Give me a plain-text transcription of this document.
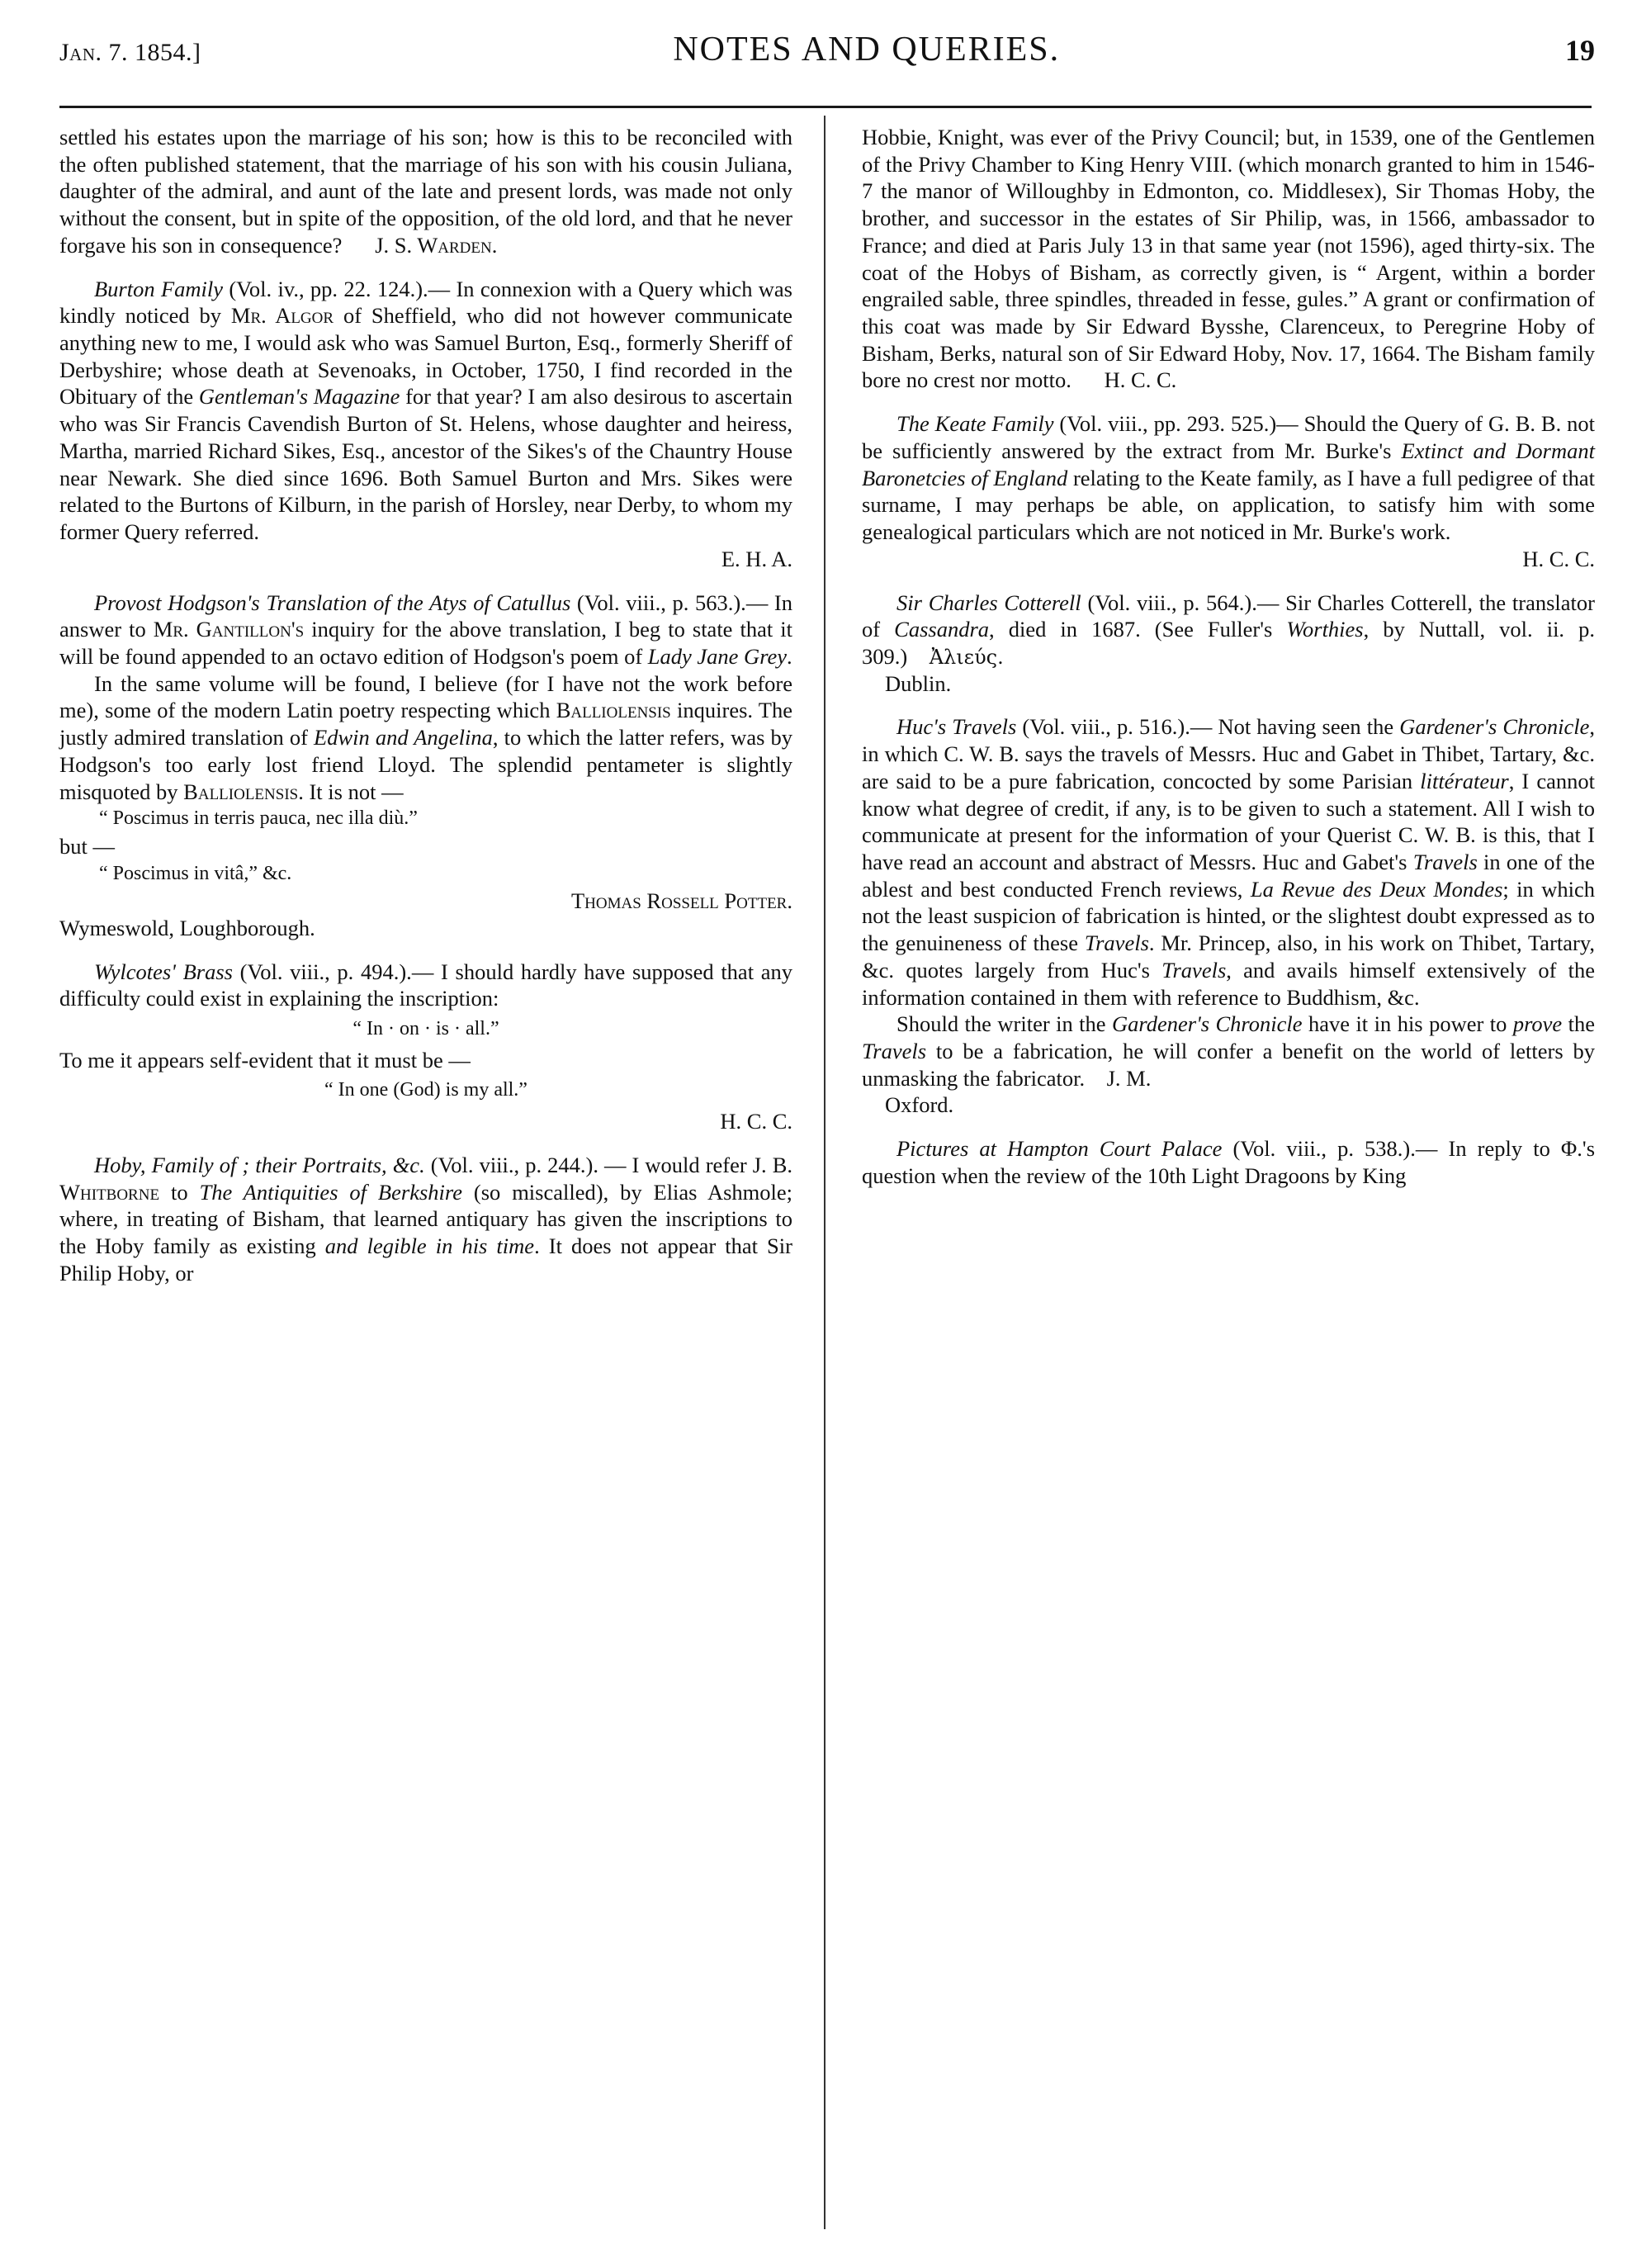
Jan. 7. 1854.]	NOTES AND QUERIES.	19

settled his estates upon the marriage of his son; how is this to be reconciled with the often published statement, that the marriage of his son with his cousin Juliana, daughter of the admiral, and aunt of the late and present lords, was made not only without the consent, but in spite of the opposition, of the old lord, and that he never forgave his son in consequence? J. S. Warden.

Burton Family (Vol. iv., pp. 22. 124.).— In connexion with a Query which was kindly noticed by Mr. Algor of Sheffield, who did not however communicate anything new to me, I would ask who was Samuel Burton, Esq., formerly Sheriff of Derbyshire; whose death at Sevenoaks, in October, 1750, I find recorded in the Obituary of the Gentleman's Magazine for that year? I am also desirous to ascertain who was Sir Francis Cavendish Burton of St. Helens, whose daughter and heiress, Martha, married Richard Sikes, Esq., ancestor of the Sikes's of the Chauntry House near Newark. She died since 1696. Both Samuel Burton and Mrs. Sikes were related to the Burtons of Kilburn, in the parish of Horsley, near Derby, to whom my former Query referred.
E. H. A.

Provost Hodgson's Translation of the Atys of Catullus (Vol. viii., p. 563.).— In answer to Mr. Gantillon's inquiry for the above translation, I beg to state that it will be found appended to an octavo edition of Hodgson's poem of Lady Jane Grey.

In the same volume will be found, I believe (for I have not the work before me), some of the modern Latin poetry respecting which Balliolensis inquires. The justly admired translation of Edwin and Angelina, to which the latter refers, was by Hodgson's too early lost friend Lloyd. The splendid pentameter is slightly misquoted by Balliolensis. It is not —

“ Poscimus in terris pauca, nec illa diù.”

but —

“ Poscimus in vitâ,” &c.

Thomas Rossell Potter.

Wymeswold, Loughborough.

Wylcotes' Brass (Vol. viii., p. 494.).— I should hardly have supposed that any difficulty could exist in explaining the inscription:

“ In · on · is · all.”

To me it appears self-evident that it must be —

“ In one (God) is my all.”

H. C. C.

Hoby, Family of ; their Portraits, &c. (Vol. viii., p. 244.). — I would refer J. B. Whitborne to The Antiquities of Berkshire (so miscalled), by Elias Ashmole; where, in treating of Bisham, that learned antiquary has given the inscriptions to the Hoby family as existing and legible in his time. It does not appear that Sir Philip Hoby, or

Hobbie, Knight, was ever of the Privy Council; but, in 1539, one of the Gentlemen of the Privy Chamber to King Henry VIII. (which monarch granted to him in 1546-7 the manor of Willoughby in Edmonton, co. Middlesex), Sir Thomas Hoby, the brother, and successor in the estates of Sir Philip, was, in 1566, ambassador to France; and died at Paris July 13 in that same year (not 1596), aged thirty-six. The coat of the Hobys of Bisham, as correctly given, is “ Argent, within a border engrailed sable, three spindles, threaded in fesse, gules.” A grant or confirmation of this coat was made by Sir Edward Bysshe, Clarenceux, to Peregrine Hoby of Bisham, Berks, natural son of Sir Edward Hoby, Nov. 17, 1664. The Bisham family bore no crest nor motto. H. C. C.

The Keate Family (Vol. viii., pp. 293. 525.)— Should the Query of G. B. B. not be sufficiently answered by the extract from Mr. Burke's Extinct and Dormant Baronetcies of England relating to the Keate family, as I have a full pedigree of that surname, I may perhaps be able, on application, to satisfy him with some genealogical particulars which are not noticed in Mr. Burke's work.

H. C. C.

Sir Charles Cotterell (Vol. viii., p. 564.).— Sir Charles Cotterell, the translator of Cassandra, died in 1687. (See Fuller's Worthies, by Nuttall, vol. ii. p. 309.) Ἀλιεύς.

Dublin.

Huc's Travels (Vol. viii., p. 516.).— Not having seen the Gardener's Chronicle, in which C. W. B. says the travels of Messrs. Huc and Gabet in Thibet, Tartary, &c. are said to be a pure fabrication, concocted by some Parisian littérateur, I cannot know what degree of credit, if any, is to be given to such a statement. All I wish to communicate at present for the information of your Querist C. W. B. is this, that I have read an account and abstract of Messrs. Huc and Gabet's Travels in one of the ablest and best conducted French reviews, La Revue des Deux Mondes; in which not the least suspicion of fabrication is hinted, or the slightest doubt expressed as to the genuineness of these Travels. Mr. Princep, also, in his work on Thibet, Tartary, &c. quotes largely from Huc's Travels, and avails himself extensively of the information contained in them with reference to Buddhism, &c.

Should the writer in the Gardener's Chronicle have it in his power to prove the Travels to be a fabrication, he will confer a benefit on the world of letters by unmasking the fabricator. J. M.

Oxford.

Pictures at Hampton Court Palace (Vol. viii., p. 538.).— In reply to Φ.'s question when the review of the 10th Light Dragoons by King
